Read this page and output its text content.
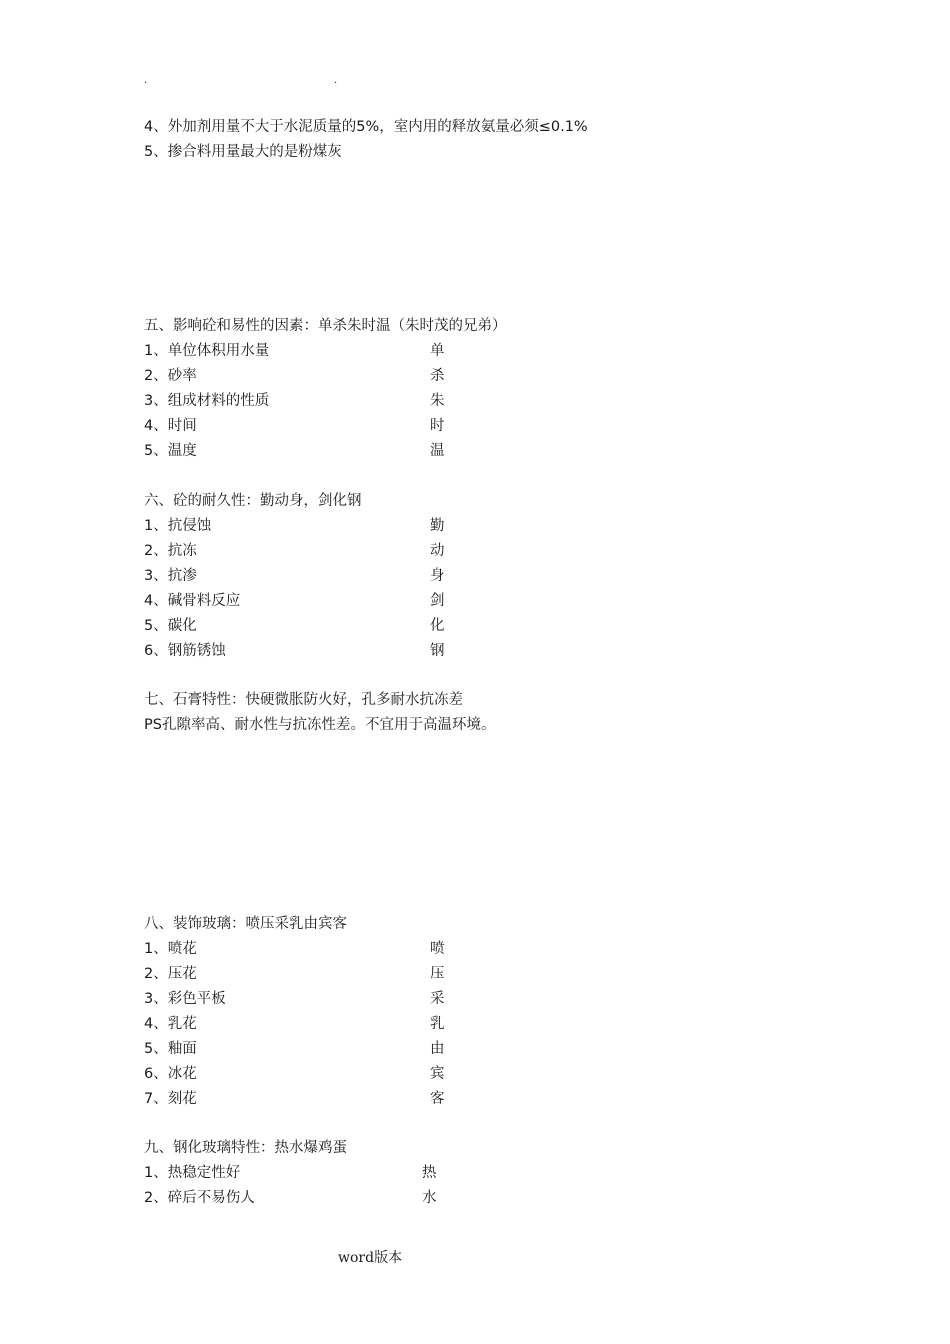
.	.
4、外加剂用量不大于水泥质量的5%，室内用的释放氨量必须≤0.1%
5、掺合料用量最大的是粉煤灰
五、影响砼和易性的因素：单杀朱时温（朱时茂的兄弟）
1、单位体积用水量	单
2、砂率	杀
3、组成材料的性质	朱
4、时间	时
5、温度	温
六、砼的耐久性：勤动身，剑化钢
1、抗侵蚀	勤
2、抗冻	动
3、抗渗	身
4、碱骨料反应	剑
5、碳化	化
6、钢筋锈蚀	钢
七、石膏特性：快硬微胀防火好，孔多耐水抗冻差
PS孔隙率高、耐水性与抗冻性差。不宜用于高温环境。
八、装饰玻璃：喷压采乳由宾客
1、喷花	喷
2、压花	压
3、彩色平板	采
4、乳花	乳
5、釉面	由
6、冰花	宾
7、刻花	客
九、钢化玻璃特性：热水爆鸡蛋
1、热稳定性好	热
2、碎后不易伤人	水
word版本
